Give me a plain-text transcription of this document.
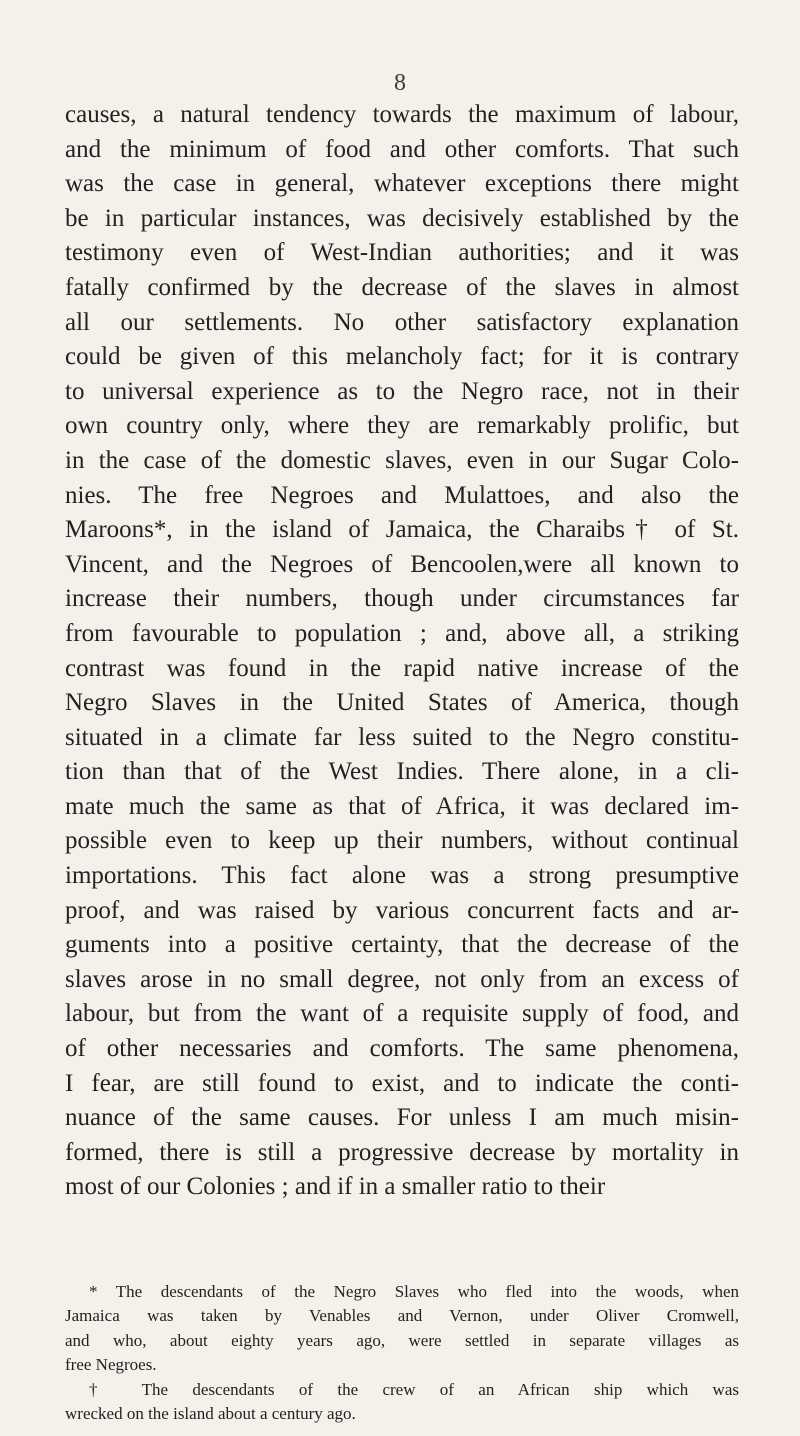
8
causes, a natural tendency towards the maximum of labour,
and the minimum of food and other comforts. That such
was the case in general, whatever exceptions there might
be in particular instances, was decisively established by the
testimony even of West-Indian authorities; and it was
fatally confirmed by the decrease of the slaves in almost
all our settlements. No other satisfactory explanation
could be given of this melancholy fact; for it is contrary
to universal experience as to the Negro race, not in their
own country only, where they are remarkably prolific, but
in the case of the domestic slaves, even in our Sugar Colo-
nies. The free Negroes and Mulattoes, and also the
Maroons*, in the island of Jamaica, the Charaibs† of St.
Vincent, and the Negroes of Bencoolen,were all known to
increase their numbers, though under circumstances far
from favourable to population ; and, above all, a striking
contrast was found in the rapid native increase of the
Negro Slaves in the United States of America, though
situated in a climate far less suited to the Negro constitu-
tion than that of the West Indies. There alone, in a cli-
mate much the same as that of Africa, it was declared im-
possible even to keep up their numbers, without continual
importations. This fact alone was a strong presumptive
proof, and was raised by various concurrent facts and ar-
guments into a positive certainty, that the decrease of the
slaves arose in no small degree, not only from an excess of
labour, but from the want of a requisite supply of food, and
of other necessaries and comforts. The same phenomena,
I fear, are still found to exist, and to indicate the conti-
nuance of the same causes. For unless I am much misin-
formed, there is still a progressive decrease by mortality in
most of our Colonies ; and if in a smaller ratio to their
* The descendants of the Negro Slaves who fled into the woods, when
Jamaica was taken by Venables and Vernon, under Oliver Cromwell,
and who, about eighty years ago, were settled in separate villages as
free Negroes.
† The descendants of the crew of an African ship which was
wrecked on the island about a century ago.
